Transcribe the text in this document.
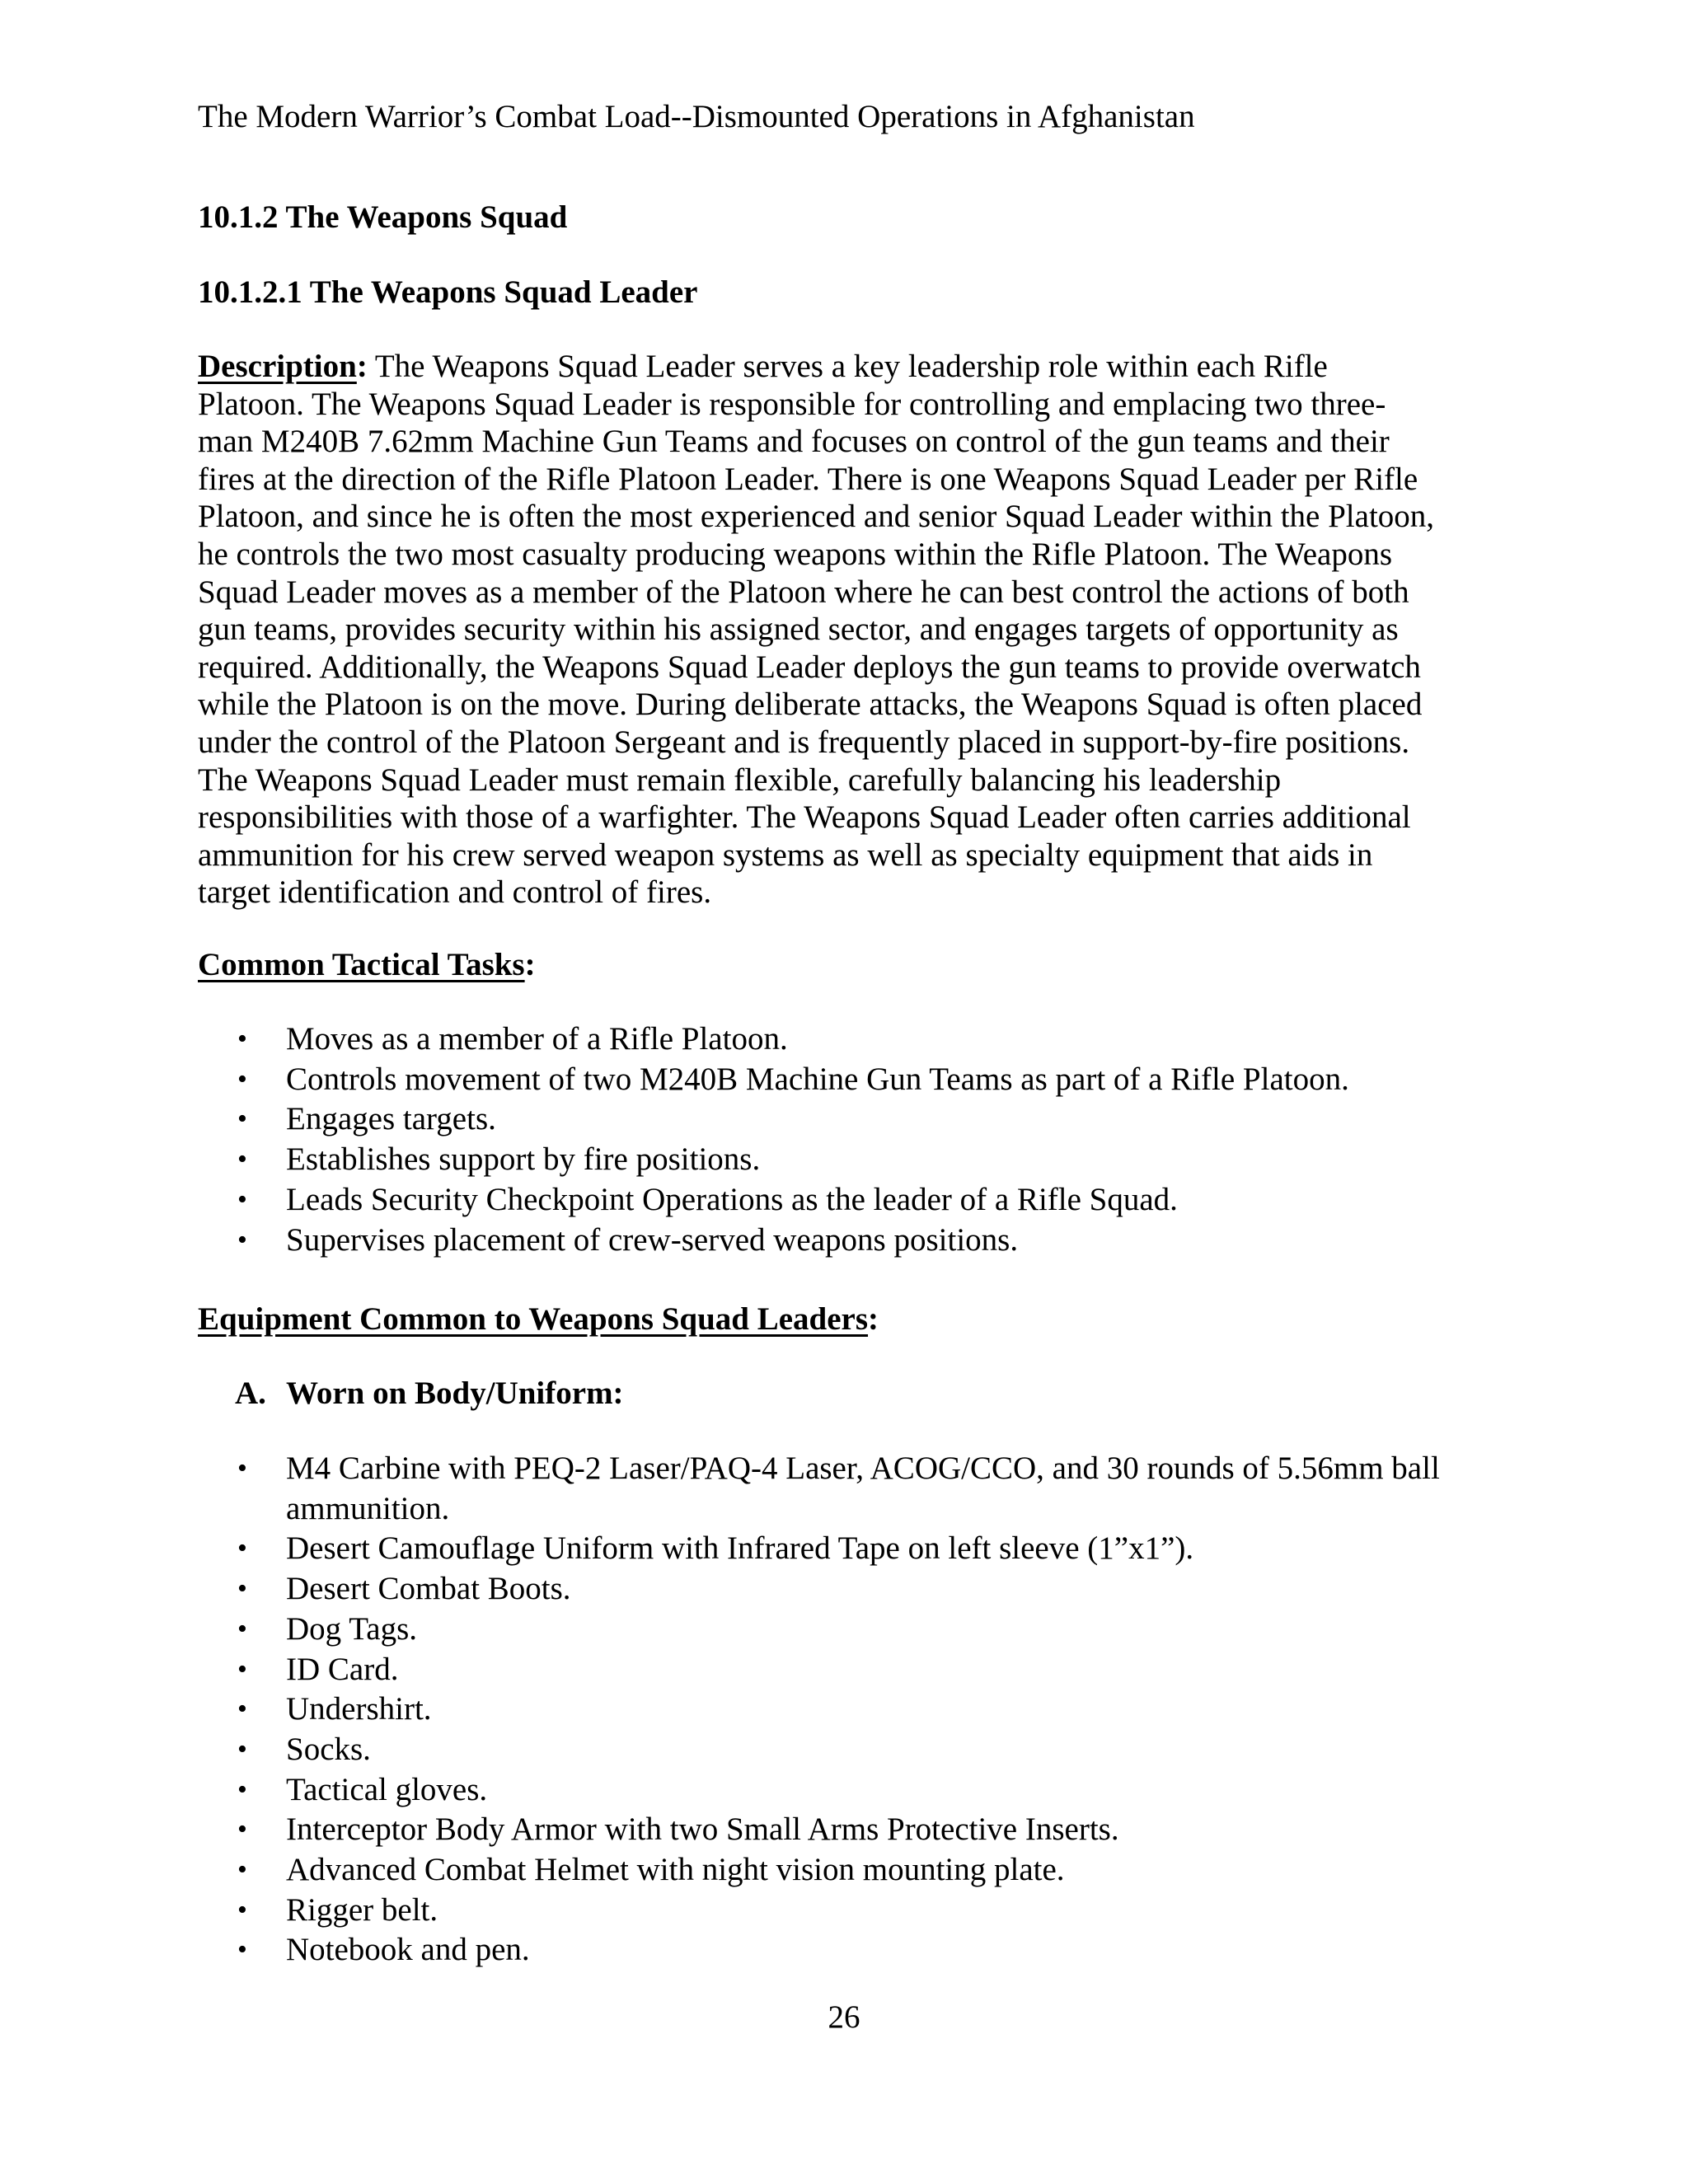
The Modern Warrior’s Combat Load--Dismounted Operations in Afghanistan
10.1.2 The Weapons Squad
10.1.2.1 The Weapons Squad Leader
Description: The Weapons Squad Leader serves a key leadership role within each Rifle
Platoon. The Weapons Squad Leader is responsible for controlling and emplacing two three-
man M240B 7.62mm Machine Gun Teams and focuses on control of the gun teams and their
fires at the direction of the Rifle Platoon Leader. There is one Weapons Squad Leader per Rifle
Platoon, and since he is often the most experienced and senior Squad Leader within the Platoon,
he controls the two most casualty producing weapons within the Rifle Platoon. The Weapons
Squad Leader moves as a member of the Platoon where he can best control the actions of both
gun teams, provides security within his assigned sector, and engages targets of opportunity as
required. Additionally, the Weapons Squad Leader deploys the gun teams to provide overwatch
while the Platoon is on the move. During deliberate attacks, the Weapons Squad is often placed
under the control of the Platoon Sergeant and is frequently placed in support-by-fire positions.
The Weapons Squad Leader must remain flexible, carefully balancing his leadership
responsibilities with those of a warfighter. The Weapons Squad Leader often carries additional
ammunition for his crew served weapon systems as well as specialty equipment that aids in
target identification and control of fires.
Common Tactical Tasks:
• Moves as a member of a Rifle Platoon.
• Controls movement of two M240B Machine Gun Teams as part of a Rifle Platoon.
• Engages targets.
• Establishes support by fire positions.
• Leads Security Checkpoint Operations as the leader of a Rifle Squad.
• Supervises placement of crew-served weapons positions.
Equipment Common to Weapons Squad Leaders:
A. Worn on Body/Uniform:
• M4 Carbine with PEQ-2 Laser/PAQ-4 Laser, ACOG/CCO, and 30 rounds of 5.56mm ball
ammunition.
• Desert Camouflage Uniform with Infrared Tape on left sleeve (1”x1”).
• Desert Combat Boots.
• Dog Tags.
• ID Card.
• Undershirt.
• Socks.
• Tactical gloves.
• Interceptor Body Armor with two Small Arms Protective Inserts.
• Advanced Combat Helmet with night vision mounting plate.
• Rigger belt.
• Notebook and pen.
26
